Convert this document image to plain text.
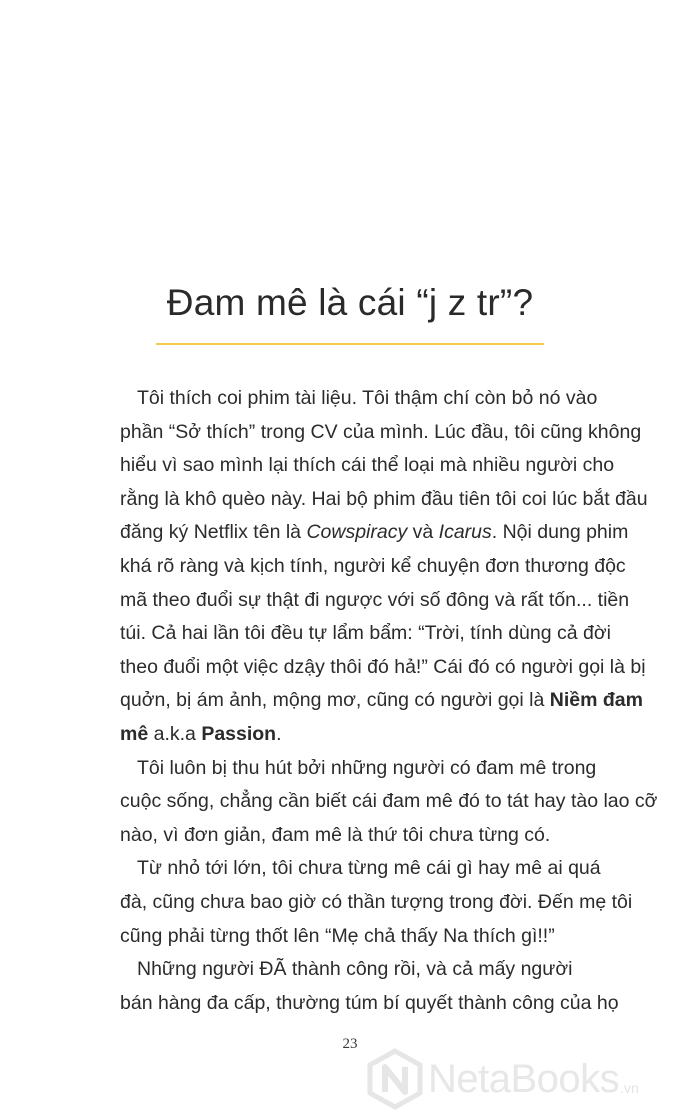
Đam mê là cái “j z tr”?
Tôi thích coi phim tài liệu. Tôi thậm chí còn bỏ nó vào
phần “Sở thích” trong CV của mình. Lúc đầu, tôi cũng không
hiểu vì sao mình lại thích cái thể loại mà nhiều người cho
rằng là khô quèo này. Hai bộ phim đầu tiên tôi coi lúc bắt đầu
đăng ký Netflix tên là Cowspiracy và Icarus. Nội dung phim
khá rõ ràng và kịch tính, người kể chuyện đơn thương độc
mã theo đuổi sự thật đi ngược với số đông và rất tốn... tiền
túi. Cả hai lần tôi đều tự lẩm bẩm: “Trời, tính dùng cả đời
theo đuổi một việc dzậy thôi đó hả!” Cái đó có người gọi là bị
quởn, bị ám ảnh, mộng mơ, cũng có người gọi là Niềm đam
mê a.k.a Passion.
Tôi luôn bị thu hút bởi những người có đam mê trong
cuộc sống, chẳng cần biết cái đam mê đó to tát hay tào lao cỡ
nào, vì đơn giản, đam mê là thứ tôi chưa từng có.
Từ nhỏ tới lớn, tôi chưa từng mê cái gì hay mê ai quá
đà, cũng chưa bao giờ có thần tượng trong đời. Đến mẹ tôi
cũng phải từng thốt lên “Mẹ chả thấy Na thích gì!!”
Những người ĐÃ thành công rồi, và cả mấy người
bán hàng đa cấp, thường túm bí quyết thành công của họ
23
NetaBooks .vn
